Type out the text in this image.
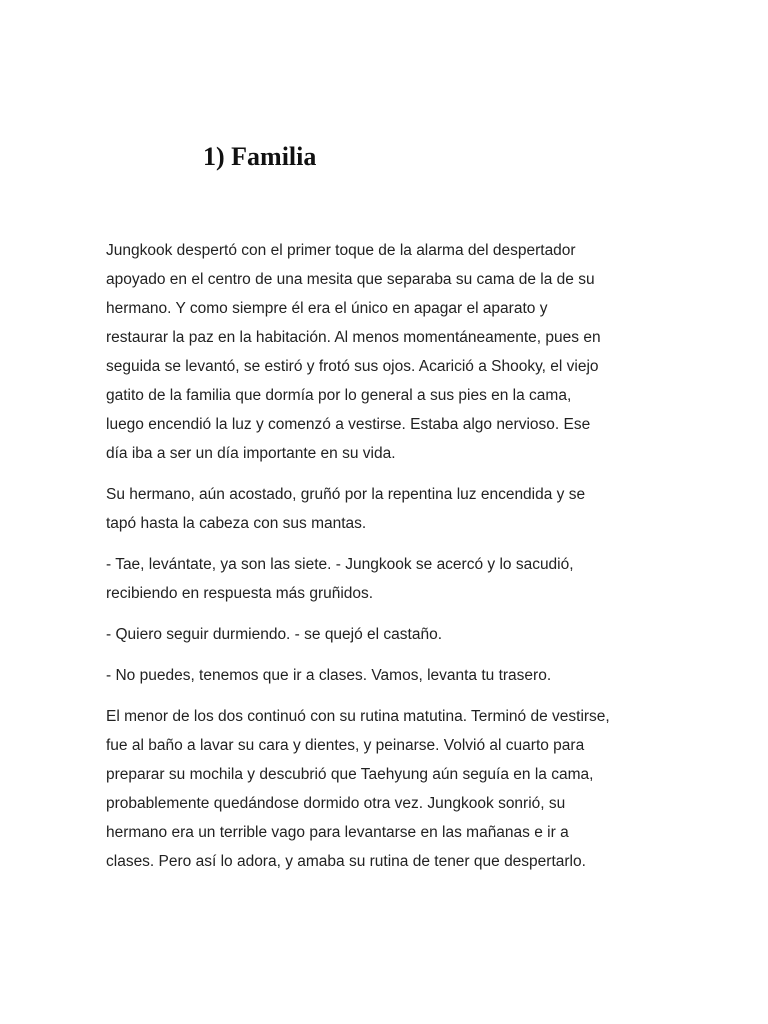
1) Familia

Jungkook despertó con el primer toque de la alarma del despertador
apoyado en el centro de una mesita que separaba su cama de la de su
hermano. Y como siempre él era el único en apagar el aparato y
restaurar la paz en la habitación. Al menos momentáneamente, pues en
seguida se levantó, se estiró y frotó sus ojos. Acarició a Shooky, el viejo
gatito de la familia que dormía por lo general a sus pies en la cama,
luego encendió la luz y comenzó a vestirse. Estaba algo nervioso. Ese
día iba a ser un día importante en su vida.

Su hermano, aún acostado, gruñó por la repentina luz encendida y se
tapó hasta la cabeza con sus mantas.

- Tae, levántate, ya son las siete. - Jungkook se acercó y lo sacudió,
recibiendo en respuesta más gruñidos.

- Quiero seguir durmiendo. - se quejó el castaño.

- No puedes, tenemos que ir a clases. Vamos, levanta tu trasero.

El menor de los dos continuó con su rutina matutina. Terminó de vestirse,
fue al baño a lavar su cara y dientes, y peinarse. Volvió al cuarto para
preparar su mochila y descubrió que Taehyung aún seguía en la cama,
probablemente quedándose dormido otra vez. Jungkook sonrió, su
hermano era un terrible vago para levantarse en las mañanas e ir a
clases. Pero así lo adora, y amaba su rutina de tener que despertarlo.
